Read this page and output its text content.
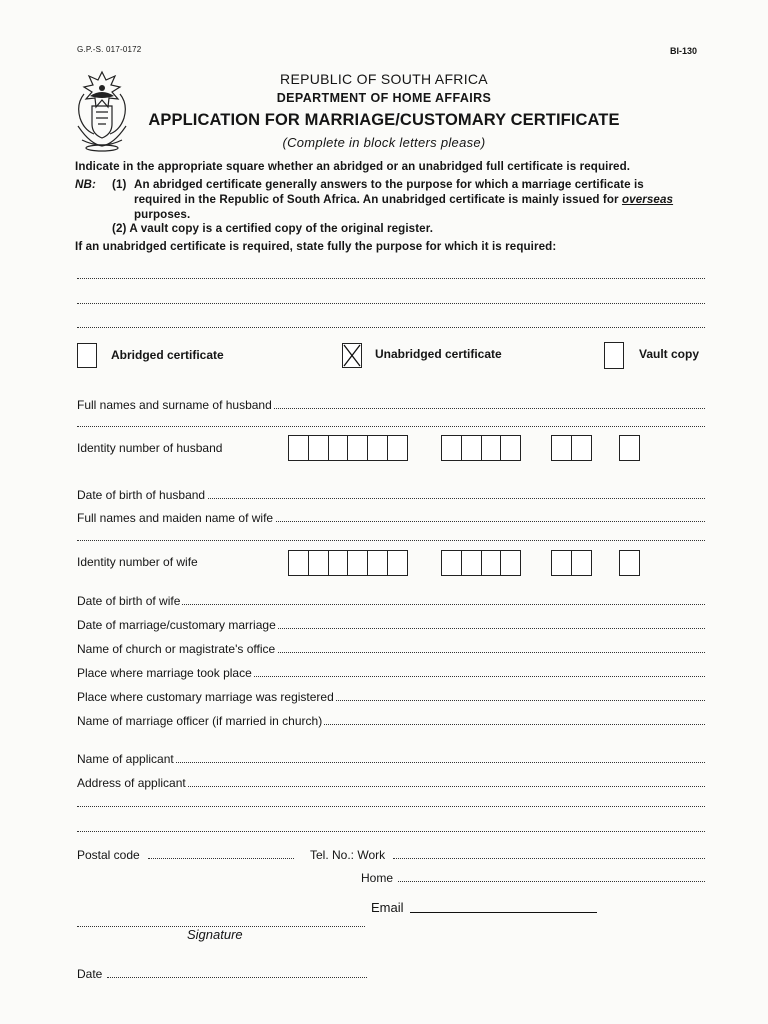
G.P.-S. 017-0172	BI-130
REPUBLIC OF SOUTH AFRICA
DEPARTMENT OF HOME AFFAIRS
APPLICATION FOR MARRIAGE/CUSTOMARY CERTIFICATE
(Complete in block letters please)
Indicate in the appropriate square whether an abridged or an unabridged full certificate is required.
NB: (1) An abridged certificate generally answers to the purpose for which a marriage certificate is
required in the Republic of South Africa. An unabridged certificate is mainly issued for overseas
purposes.
(2) A vault copy is a certified copy of the original register.
If an unabridged certificate is required, state fully the purpose for which it is required:
Abridged certificate	Unabridged certificate	Vault copy
Full names and surname of husband
Identity number of husband
Date of birth of husband
Full names and maiden name of wife
Identity number of wife
Date of birth of wife
Date of marriage/customary marriage
Name of church or magistrate's office
Place where marriage took place
Place where customary marriage was registered
Name of marriage officer (if married in church)
Name of applicant
Address of applicant
Postal code	Tel. No.: Work
Home
Email
Signature
Date
